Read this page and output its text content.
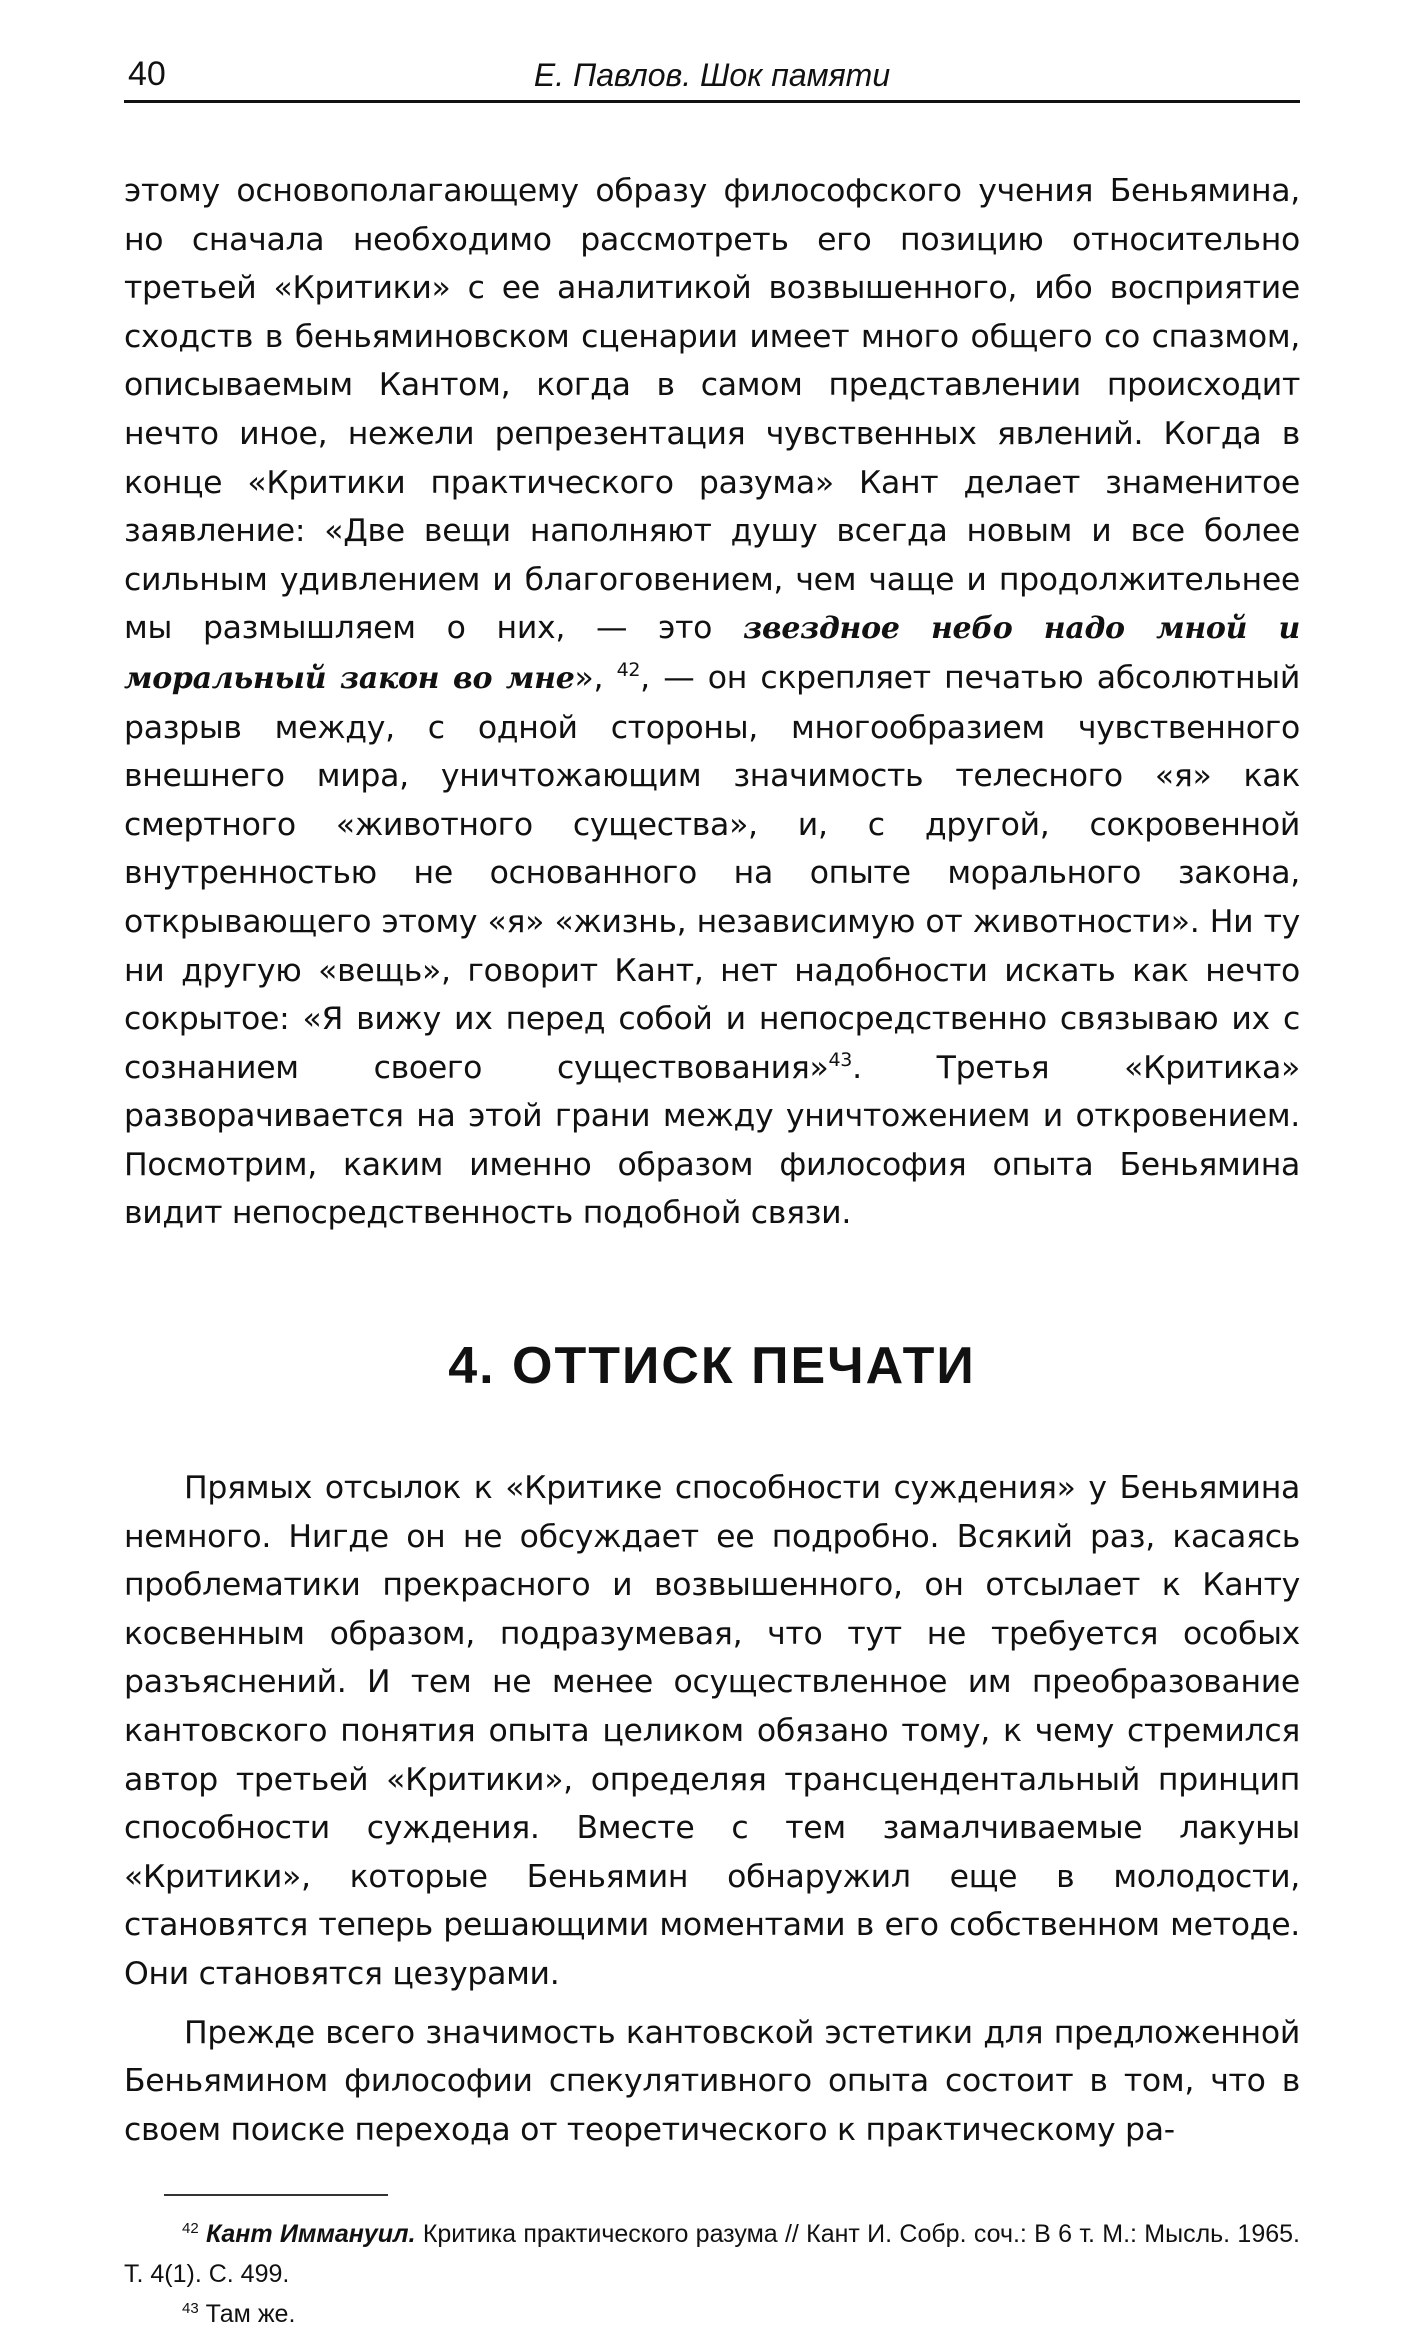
40	Е. Павлов. Шок памяти

этому основополагающему образу философского учения Беньямина, но сначала необходимо рассмотреть его позицию относительно третьей «Критики» с ее аналитикой возвышенного, ибо восприятие сходств в беньяминовском сценарии имеет много общего со спазмом, описываемым Кантом, когда в самом представлении происходит нечто иное, нежели репрезентация чувственных явлений. Когда в конце «Критики практического разума» Кант делает знаменитое заявление: «Две вещи наполняют душу всегда новым и все более сильным удивлением и благоговением, чем чаще и продолжительнее мы размышляем о них, — это звездное небо надо мной и моральный закон во мне», $^{42}$, — он скрепляет печатью абсолютный разрыв между, с одной стороны, многообразием чувственного внешнего мира, уничтожающим значимость телесного «я» как смертного «животного существа», и, с другой, сокровенной внутренностью не основанного на опыте морального закона, открывающего этому «я» «жизнь, независимую от животности». Ни ту ни другую «вещь», говорит Кант, нет надобности искать как нечто сокрытое: «Я вижу их перед собой и непосредственно связываю их с сознанием своего существования»$^{43}$. Третья «Критика» разворачивается на этой грани между уничтожением и откровением. Посмотрим, каким именно образом философия опыта Беньямина видит непосредственность подобной связи.

4. ОТТИСК ПЕЧАТИ

Прямых отсылок к «Критике способности суждения» у Беньямина немного. Нигде он не обсуждает ее подробно. Всякий раз, касаясь проблематики прекрасного и возвышенного, он отсылает к Канту косвенным образом, подразумевая, что тут не требуется особых разъяснений. И тем не менее осуществленное им преобразование кантовского понятия опыта целиком обязано тому, к чему стремился автор третьей «Критики», определяя трансцендентальный принцип способности суждения. Вместе с тем замалчиваемые лакуны «Критики», которые Беньямин обнаружил еще в молодости, становятся теперь решающими моментами в его собственном методе. Они становятся цезурами.

Прежде всего значимость кантовской эстетики для предложенной Беньямином философии спекулятивного опыта состоит в том, что в своем поиске перехода от теоретического к практическому ра-

$^{42}$ Кант Иммануил. Критика практического разума // Кант И. Собр. соч.: В 6 т. М.: Мысль. 1965. Т. 4(1). С. 499.

$^{43}$ Там же.
